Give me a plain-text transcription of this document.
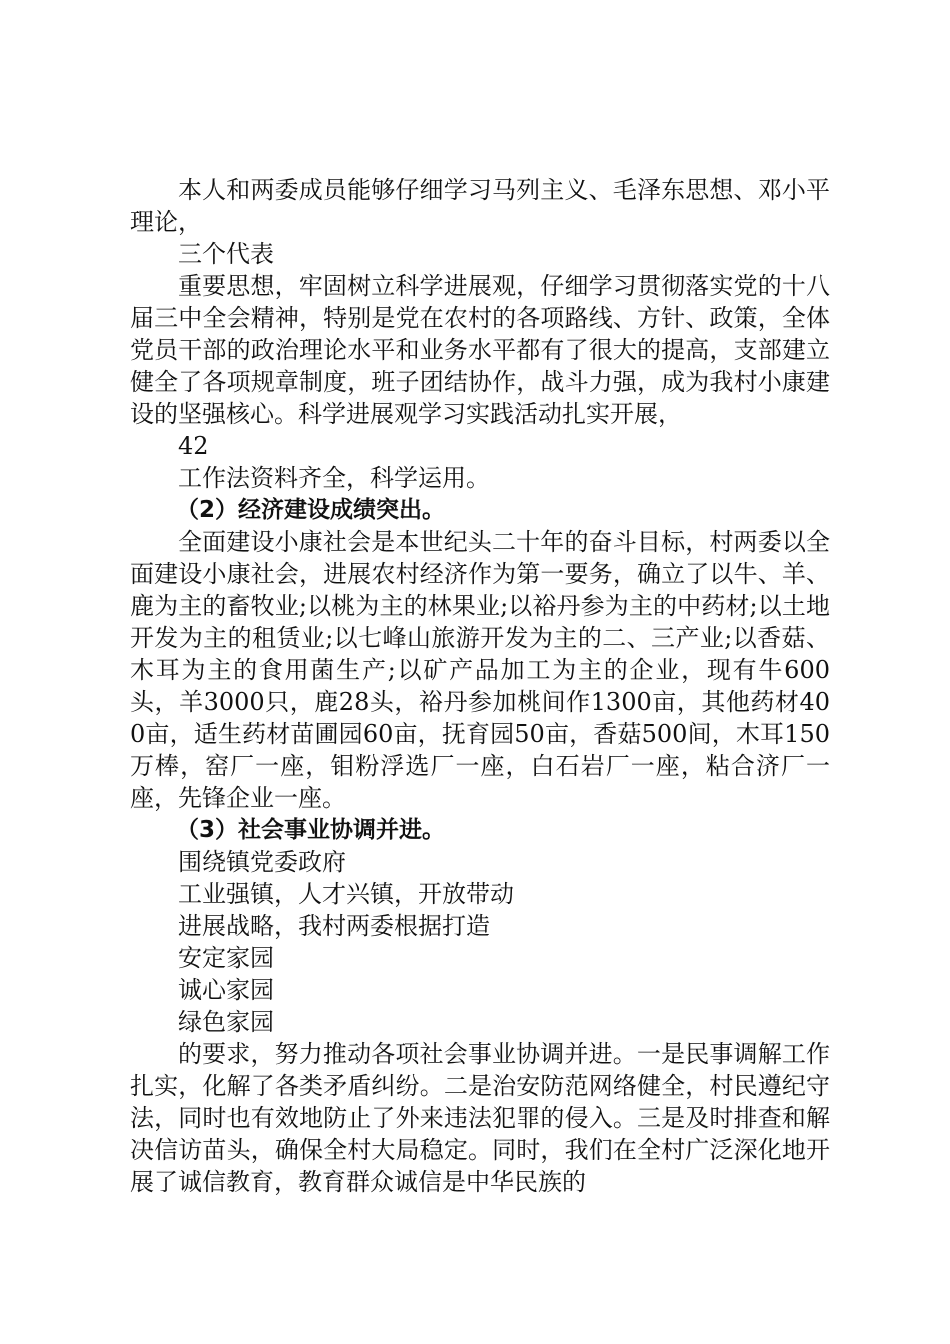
本人和两委成员能够仔细学习马列主义、毛泽东思想、邓小平理论，

三个代表

重要思想，牢固树立科学进展观，仔细学习贯彻落实党的十八届三中全会精神，特别是党在农村的各项路线、方针、政策，全体党员干部的政治理论水平和业务水平都有了很大的提高，支部建立健全了各项规章制度，班子团结协作，战斗力强，成为我村小康建设的坚强核心。科学进展观学习实践活动扎实开展，

42

工作法资料齐全，科学运用。

（2）经济建设成绩突出。

全面建设小康社会是本世纪头二十年的奋斗目标，村两委以全面建设小康社会，进展农村经济作为第一要务，确立了以牛、羊、鹿为主的畜牧业;以桃为主的林果业;以裕丹参为主的中药材;以土地开发为主的租赁业;以七峰山旅游开发为主的二、三产业;以香菇、木耳为主的食用菌生产;以矿产品加工为主的企业，现有牛600头，羊3000只，鹿28头，裕丹参加桃间作1300亩，其他药材400亩，适生药材苗圃园60亩，抚育园50亩，香菇500间，木耳150万棒，窑厂一座，钼粉浮选厂一座，白石岩厂一座，粘合济厂一座，先锋企业一座。

（3）社会事业协调并进。

围绕镇党委政府

工业强镇，人才兴镇，开放带动

进展战略，我村两委根据打造

安定家园

诚心家园

绿色家园

的要求，努力推动各项社会事业协调并进。一是民事调解工作扎实，化解了各类矛盾纠纷。二是治安防范网络健全，村民遵纪守法，同时也有效地防止了外来违法犯罪的侵入。三是及时排查和解决信访苗头，确保全村大局稳定。同时，我们在全村广泛深化地开展了诚信教育，教育群众诚信是中华民族的
